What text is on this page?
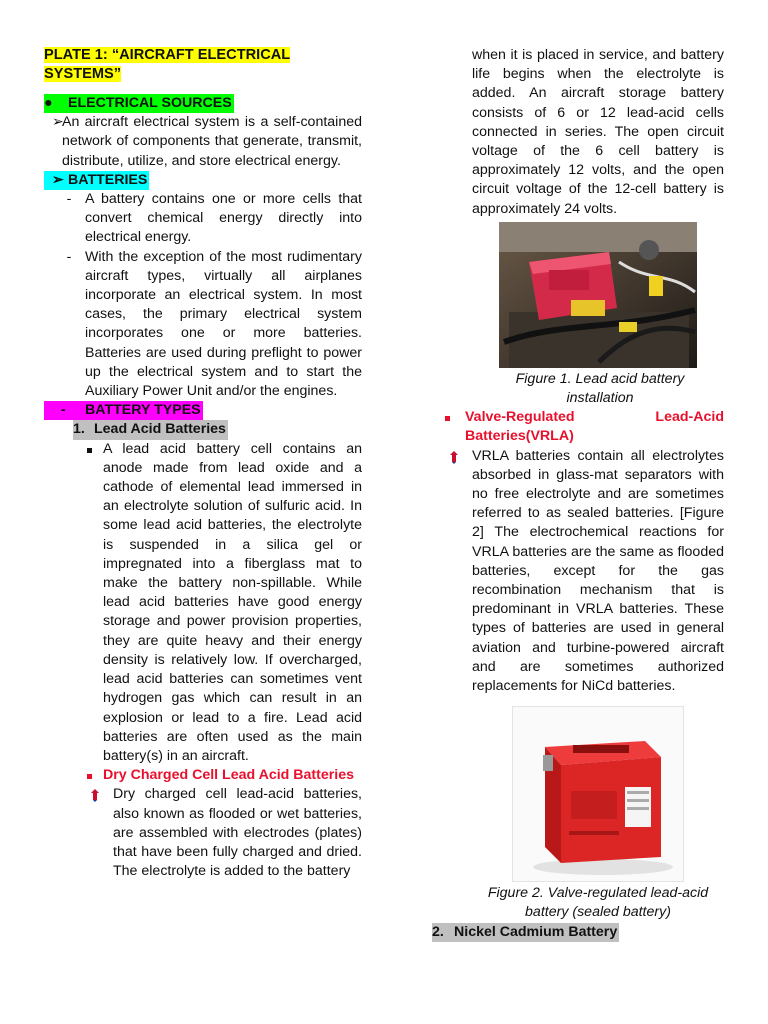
PLATE 1: “AIRCRAFT ELECTRICAL SYSTEMS”
● ELECTRICAL SOURCES
➢
An aircraft electrical system is a self-contained network of components that generate, transmit, distribute, utilize, and store electrical energy.
➢ BATTERIES
- A battery contains one or more cells that convert chemical energy directly into electrical energy.
- With the exception of the most rudimentary aircraft types, virtually all airplanes incorporate an electrical system. In most cases, the primary electrical system incorporates one or more batteries. Batteries are used during preflight to power up the electrical system and to start the Auxiliary Power Unit and/or the engines.
- BATTERY TYPES
1. Lead Acid Batteries
A lead acid battery cell contains an anode made from lead oxide and a cathode of elemental lead immersed in an electrolyte solution of sulfuric acid. In some lead acid batteries, the electrolyte is suspended in a silica gel or impregnated into a fiberglass mat to make the battery non-spillable. While lead acid batteries have good energy storage and power provision properties, they are quite heavy and their energy density is relatively low. If overcharged, lead acid batteries can sometimes vent hydrogen gas which can result in an explosion or lead to a fire. Lead acid batteries are often used as the main battery(s) in an aircraft.
Dry Charged Cell Lead Acid Batteries
Dry charged cell lead-acid batteries, also known as flooded or wet batteries, are assembled with electrodes (plates) that have been fully charged and dried. The electrolyte is added to the battery
when it is placed in service, and battery life begins when the electrolyte is added. An aircraft storage battery consists of 6 or 12 lead-acid cells connected in series. The open circuit voltage of the 6 cell battery is approximately 12 volts, and the open circuit voltage of the 12-cell battery is approximately 24 volts.
Figure 1. Lead acid battery installation
Valve-Regulated Lead-Acid Batteries(VRLA)
VRLA batteries contain all electrolytes absorbed in glass-mat separators with no free electrolyte and are sometimes referred to as sealed batteries. [Figure 2] The electrochemical reactions for VRLA batteries are the same as flooded batteries, except for the gas recombination mechanism that is predominant in VRLA batteries. These types of batteries are used in general aviation and turbine-powered aircraft and are sometimes authorized replacements for NiCd batteries.
Figure 2. Valve-regulated lead-acid battery (sealed battery)
2. Nickel Cadmium Battery
